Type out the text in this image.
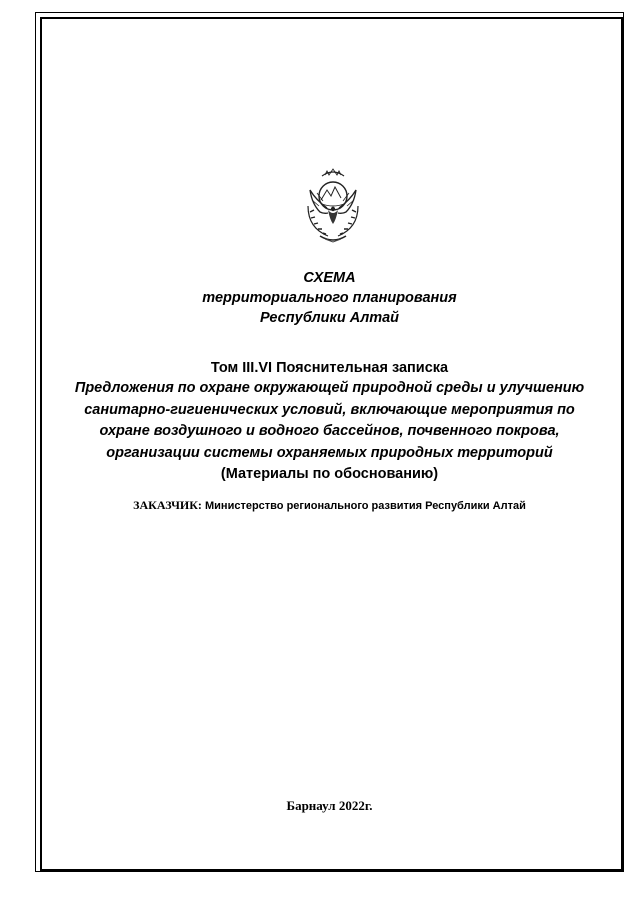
СХЕМА
территориального планирования
Республики Алтай
Том III.VI Пояснительная записка
Предложения по охране окружающей природной среды и улучшению
санитарно-гигиенических условий, включающие мероприятия по
охране воздушного и водного бассейнов, почвенного покрова,
организации системы охраняемых природных территорий
(Материалы по обоснованию)
ЗАКАЗЧИК: Министерство регионального развития Республики Алтай
Барнаул 2022г.
